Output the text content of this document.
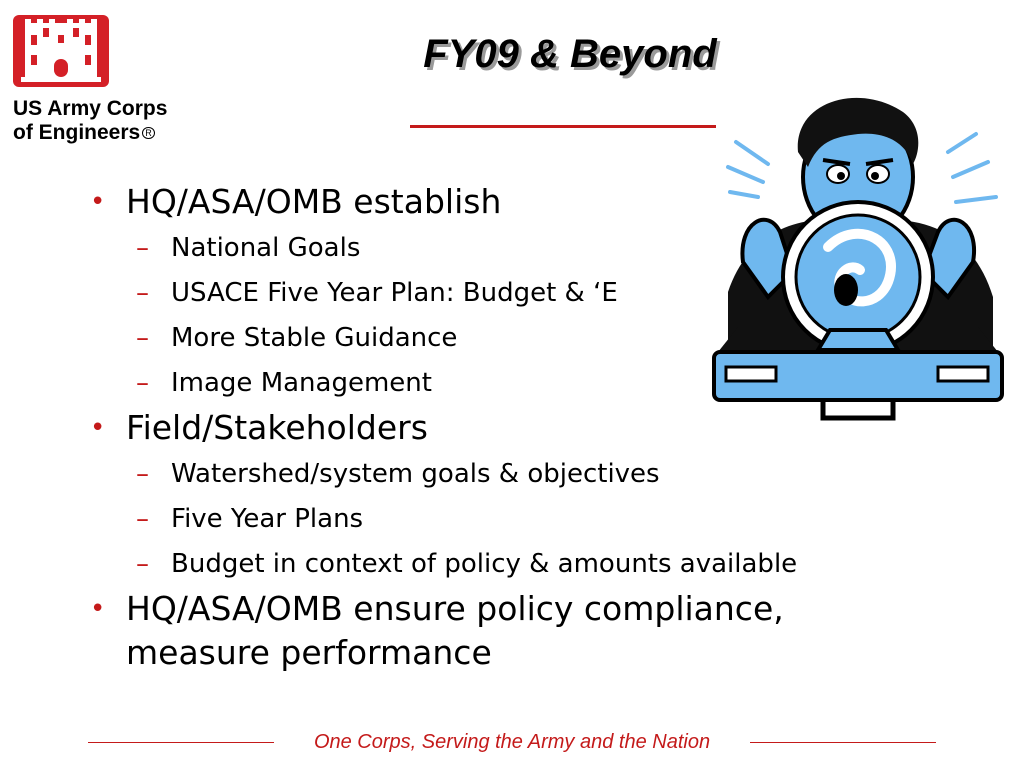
US Army Corps
of Engineers R
FY09 & Beyond
• HQ/ASA/OMB establish
– National Goals
– USACE Five Year Plan: Budget & ‘E
– More Stable Guidance
– Image Management
• Field/Stakeholders
– Watershed/system goals & objectives
– Five Year Plans
– Budget in context of policy & amounts available
• HQ/ASA/OMB ensure policy compliance, measure performance
One Corps, Serving the Army and the Nation
